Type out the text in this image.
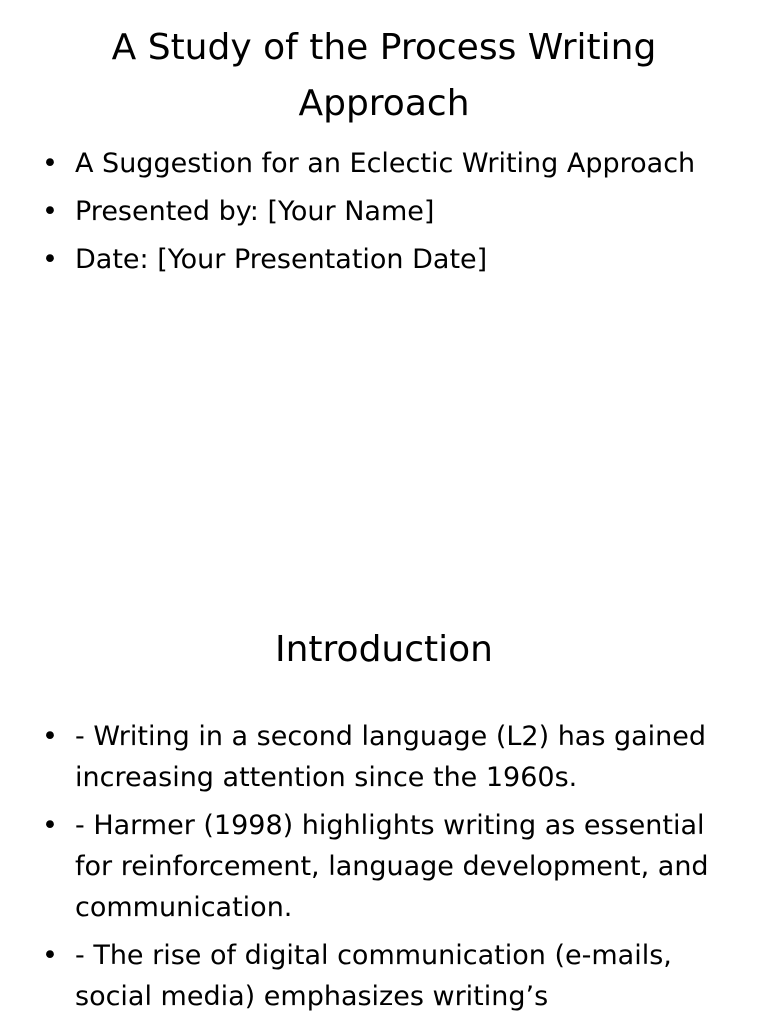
A Study of the Process Writing Approach
• A Suggestion for an Eclectic Writing Approach
• Presented by: [Your Name]
• Date: [Your Presentation Date]
Introduction
• - Writing in a second language (L2) has gained increasing attention since the 1960s.
• - Harmer (1998) highlights writing as essential for reinforcement, language development, and communication.
• - The rise of digital communication (e-mails, social media) emphasizes writing’s
